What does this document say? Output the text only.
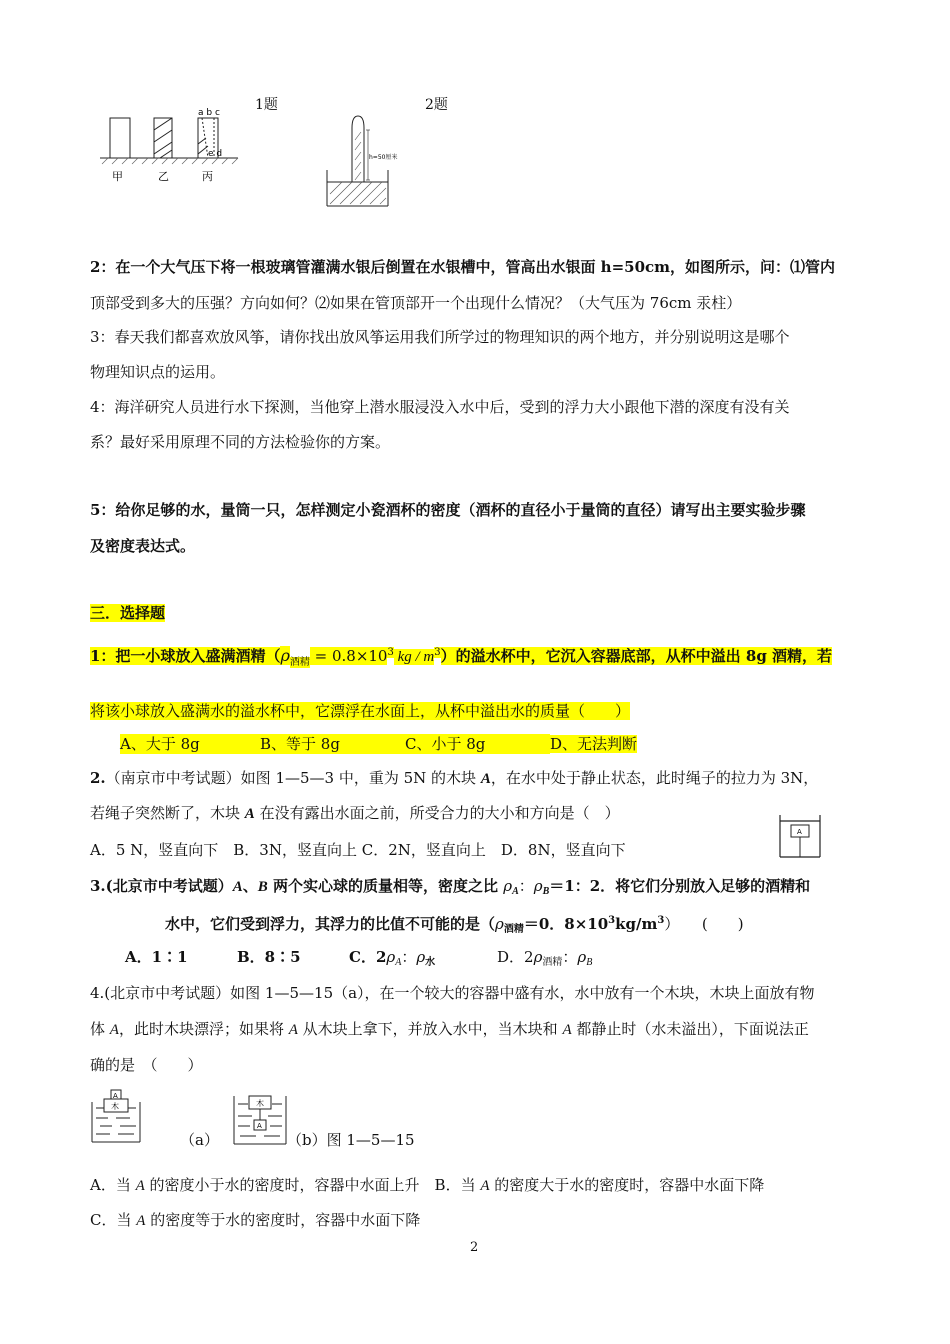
1题	2题
a b c
e d
甲	乙	丙
h=50厘米
2：在一个大气压下将一根玻璃管灌满水银后倒置在水银槽中，管高出水银面 h=50cm，如图所示，问：⑴管内
顶部受到多大的压强？方向如何？⑵如果在管顶部开一个出现什么情况？（大气压为 76cm 汞柱）
3：春天我们都喜欢放风筝，请你找出放风筝运用我们所学过的物理知识的两个地方，并分别说明这是哪个
物理知识点的运用。
4：海洋研究人员进行水下探测，当他穿上潜水服浸没入水中后，受到的浮力大小跟他下潜的深度有没有关
系？最好采用原理不同的方法检验你的方案。
5：给你足够的水，量筒一只，怎样测定小瓷酒杯的密度（酒杯的直径小于量筒的直径）请写出主要实验步骤
及密度表达式。
三．选择题
1：把一小球放入盛满酒精（$\rho_{酒精} = 0.8\times 10^3$ kg / $m^3$）的溢水杯中，它沉入容器底部，从杯中溢出 8g 酒精，若
将该小球放入盛满水的溢水杯中，它漂浮在水面上，从杯中溢出水的质量（　　）
A、大于 8g	B、等于 8g	C、小于 8g	D、无法判断
2.（南京市中考试题）如图 1—5—3 中，重为 5N 的木块 A，在水中处于静止状态，此时绳子的拉力为 3N，
若绳子突然断了，木块 A 在没有露出水面之前，所受合力的大小和方向是（　）
A．5 N，竖直向下　B．3N，竖直向上 C．2N，竖直向上　D．8N，竖直向下
A
3.(北京市中考试题）A、B 两个实心球的质量相等，密度之比 $\rho_A$：$\rho_B=1$：2．将它们分别放入足够的酒精和
水中，它们受到浮力，其浮力的比值不可能的是（$\rho_{酒精}=0$．$8\times 10^3kg/m^3$）　　(　　)
A．1∶1	B．8∶5	C．$2\rho_A$：$\rho_水$	D．$2\rho_{酒精}$：$\rho_B$
4.(北京市中考试题）如图 1—5—15（a），在一个较大的容器中盛有水，水中放有一个木块，木块上面放有物
体 A，此时木块漂浮；如果将 A 从木块上拿下，并放入水中，当木块和 A 都静止时（水未溢出），下面说法正
确的是　（　　）
A
木
（a）
木
A
（b）图 1—5—15
A．当 A 的密度小于水的密度时，容器中水面上升　B．当 A 的密度大于水的密度时，容器中水面下降
C．当 A 的密度等于水的密度时，容器中水面下降
2
